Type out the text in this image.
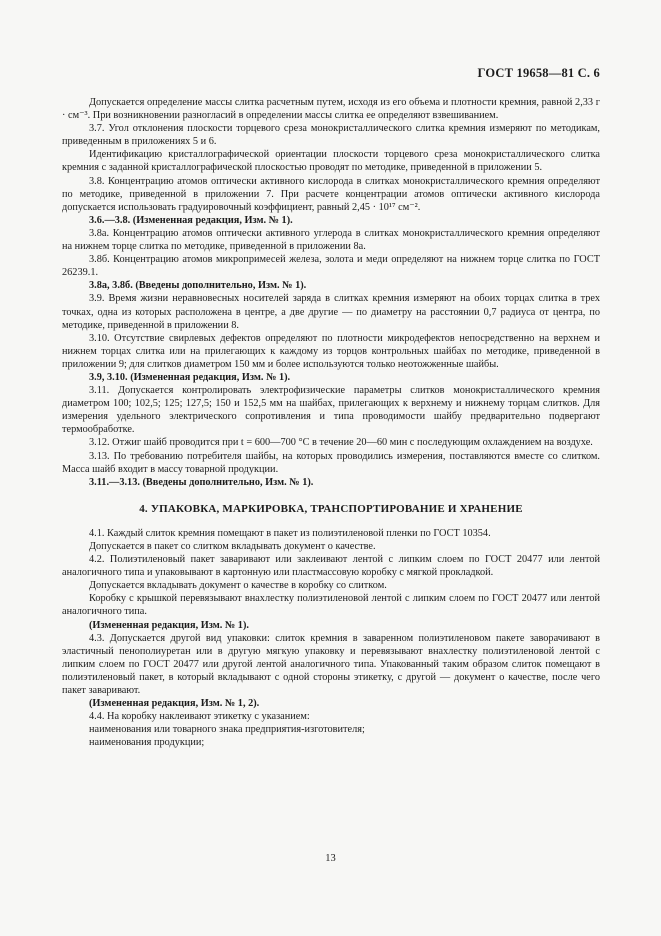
ГОСТ 19658—81 С. 6

Допускается определение массы слитка расчетным путем, исходя из его объема и плотности кремния, равной 2,33 г · см⁻³. При возникновении разногласий в определении массы слитка ее определяют взвешиванием.

3.7. Угол отклонения плоскости торцевого среза монокристаллического слитка кремния измеряют по методикам, приведенным в приложениях 5 и 6.

Идентификацию кристаллографической ориентации плоскости торцевого среза монокристаллического слитка кремния с заданной кристаллографической плоскостью проводят по методике, приведенной в приложении 5.

3.8. Концентрацию атомов оптически активного кислорода в слитках монокристаллического кремния определяют по методике, приведенной в приложении 7. При расчете концентрации атомов оптически активного кислорода допускается использовать градуировочный коэффициент, равный 2,45 · 10¹⁷ см⁻².

3.6.—3.8. (Измененная редакция, Изм. № 1).

3.8а. Концентрацию атомов оптически активного углерода в слитках монокристаллического кремния определяют на нижнем торце слитка по методике, приведенной в приложении 8а.

3.8б. Концентрацию атомов микропримесей железа, золота и меди определяют на нижнем торце слитка по ГОСТ 26239.1.

3.8а, 3.8б. (Введены дополнительно, Изм. № 1).

3.9. Время жизни неравновесных носителей заряда в слитках кремния измеряют на обоих торцах слитка в трех точках, одна из которых расположена в центре, а две другие — по диаметру на расстоянии 0,7 радиуса от центра, по методике, приведенной в приложении 8.

3.10. Отсутствие свирлевых дефектов определяют по плотности микродефектов непосредственно на верхнем и нижнем торцах слитка или на прилегающих к каждому из торцов контрольных шайбах по методике, приведенной в приложении 9; для слитков диаметром 150 мм и более используются только неотожженные шайбы.

3.9, 3.10. (Измененная редакция, Изм. № 1).

3.11. Допускается контролировать электрофизические параметры слитков монокристаллического кремния диаметром 100; 102,5; 125; 127,5; 150 и 152,5 мм на шайбах, прилегающих к верхнему и нижнему торцам слитков. Для измерения удельного электрического сопротивления и типа проводимости шайбу предварительно подвергают термообработке.

3.12. Отжиг шайб проводится при t = 600—700 °С в течение 20—60 мин с последующим охлаждением на воздухе.

3.13. По требованию потребителя шайбы, на которых проводились измерения, поставляются вместе со слитком. Масса шайб входит в массу товарной продукции.

3.11.—3.13. (Введены дополнительно, Изм. № 1).

4. УПАКОВКА, МАРКИРОВКА, ТРАНСПОРТИРОВАНИЕ И ХРАНЕНИЕ

4.1. Каждый слиток кремния помещают в пакет из полиэтиленовой пленки по ГОСТ 10354.

Допускается в пакет со слитком вкладывать документ о качестве.

4.2. Полиэтиленовый пакет заваривают или заклеивают лентой с липким слоем по ГОСТ 20477 или лентой аналогичного типа и упаковывают в картонную или пластмассовую коробку с мягкой прокладкой.

Допускается вкладывать документ о качестве в коробку со слитком.

Коробку с крышкой перевязывают внахлестку полиэтиленовой лентой с липким слоем по ГОСТ 20477 или лентой аналогичного типа.

(Измененная редакция, Изм. № 1).

4.3. Допускается другой вид упаковки: слиток кремния в заваренном полиэтиленовом пакете заворачивают в эластичный пенополиуретан или в другую мягкую упаковку и перевязывают внахлестку полиэтиленовой лентой с липким слоем по ГОСТ 20477 или другой лентой аналогичного типа. Упакованный таким образом слиток помещают в полиэтиленовый пакет, в который вкладывают с одной стороны этикетку, с другой — документ о качестве, после чего пакет заваривают.

(Измененная редакция, Изм. № 1, 2).

4.4. На коробку наклеивают этикетку с указанием:

наименования или товарного знака предприятия-изготовителя;

наименования продукции;

13
